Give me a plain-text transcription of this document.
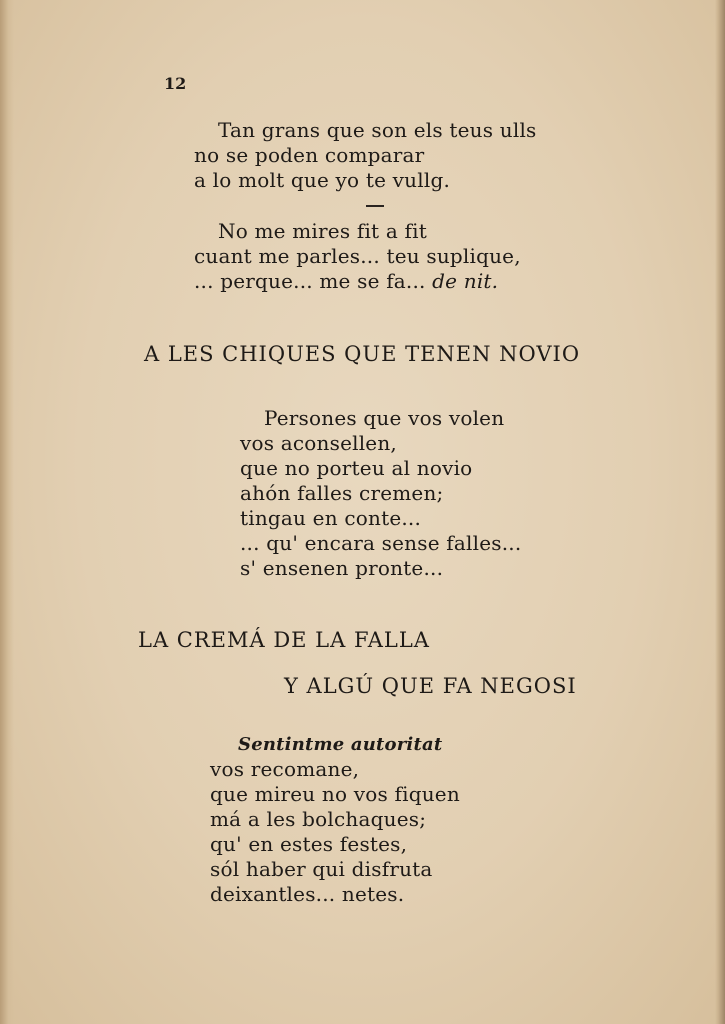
12
Tan grans que son els teus ulls
no se poden comparar
a lo molt que yo te vullg.
No me mires fit a fit
cuant me parles... teu suplique,
... perque... me se fa... de nit.
A LES CHIQUES QUE TENEN NOVIO
Persones que vos volen
vos aconsellen,
que no porteu al novio
ahón falles cremen;
tingau en conte...
... qu' encara sense falles...
s' ensenen pronte...
LA CREMÁ DE LA FALLA
Y ALGÚ QUE FA NEGOSI
Sentintme autoritat
vos recomane,
que mireu no vos fiquen
má a les bolchaques;
qu' en estes festes,
sól haber qui disfruta
deixantles... netes.
